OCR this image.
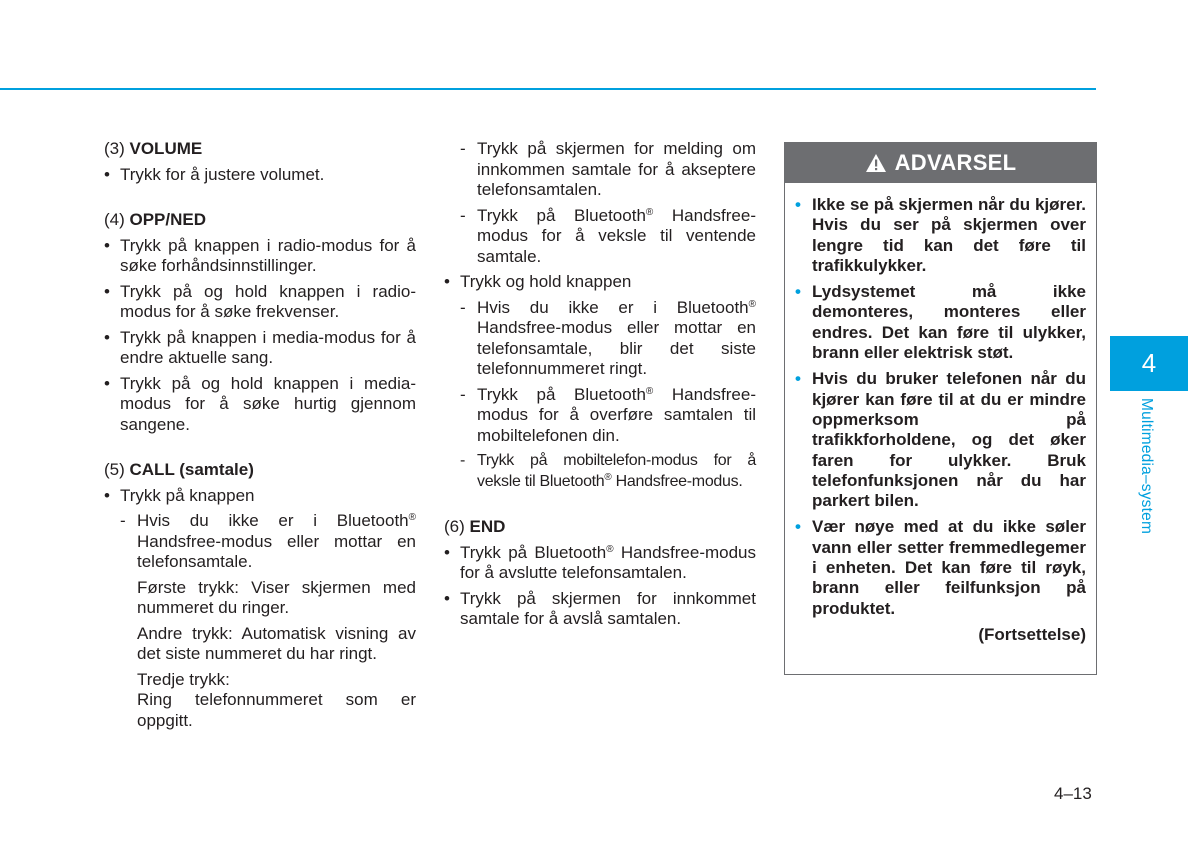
(3) VOLUME
• Trykk for å justere volumet.
(4) OPP/NED
• Trykk på knappen i radio-modus for å søke forhåndsinnstillinger.
• Trykk på og hold knappen i radio-modus for å søke frekvenser.
• Trykk på knappen i media-modus for å endre aktuelle sang.
• Trykk på og hold knappen i media-modus for å søke hurtig gjennom sangene.
(5) CALL (samtale)
• Trykk på knappen
- Hvis du ikke er i Bluetooth® Handsfree-modus eller mottar en telefonsamtale.
Første trykk: Viser skjermen med nummeret du ringer.
Andre trykk: Automatisk visning av det siste nummeret du har ringt.
Tredje trykk:
Ring telefonnummeret som er oppgitt.
- Trykk på skjermen for melding om innkommen samtale for å akseptere telefonsamtalen.
- Trykk på Bluetooth® Handsfree-modus for å veksle til ventende samtale.
• Trykk og hold knappen
- Hvis du ikke er i Bluetooth® Handsfree-modus eller mottar en telefonsamtale, blir det siste telefonnummeret ringt.
- Trykk på Bluetooth® Handsfree-modus for å overføre samtalen til mobiltelefonen din.
- Trykk på mobiltelefon-modus for å veksle til Bluetooth® Handsfree-modus.
(6) END
• Trykk på Bluetooth® Handsfree-modus for å avslutte telefonsamtalen.
• Trykk på skjermen for innkommet samtale for å avslå samtalen.
ADVARSEL
• Ikke se på skjermen når du kjører. Hvis du ser på skjermen over lengre tid kan det føre til trafikkulykker.
• Lydsystemet må ikke demonteres, monteres eller endres. Det kan føre til ulykker, brann eller elektrisk støt.
• Hvis du bruker telefonen når du kjører kan føre til at du er mindre oppmerksom på trafikkforholdene, og det øker faren for ulykker. Bruk telefonfunksjonen når du har parkert bilen.
• Vær nøye med at du ikke søler vann eller setter fremmedlegemer i enheten. Det kan føre til røyk, brann eller feilfunksjon på produktet.
(Fortsettelse)
4
Multimedia–system
4–13
